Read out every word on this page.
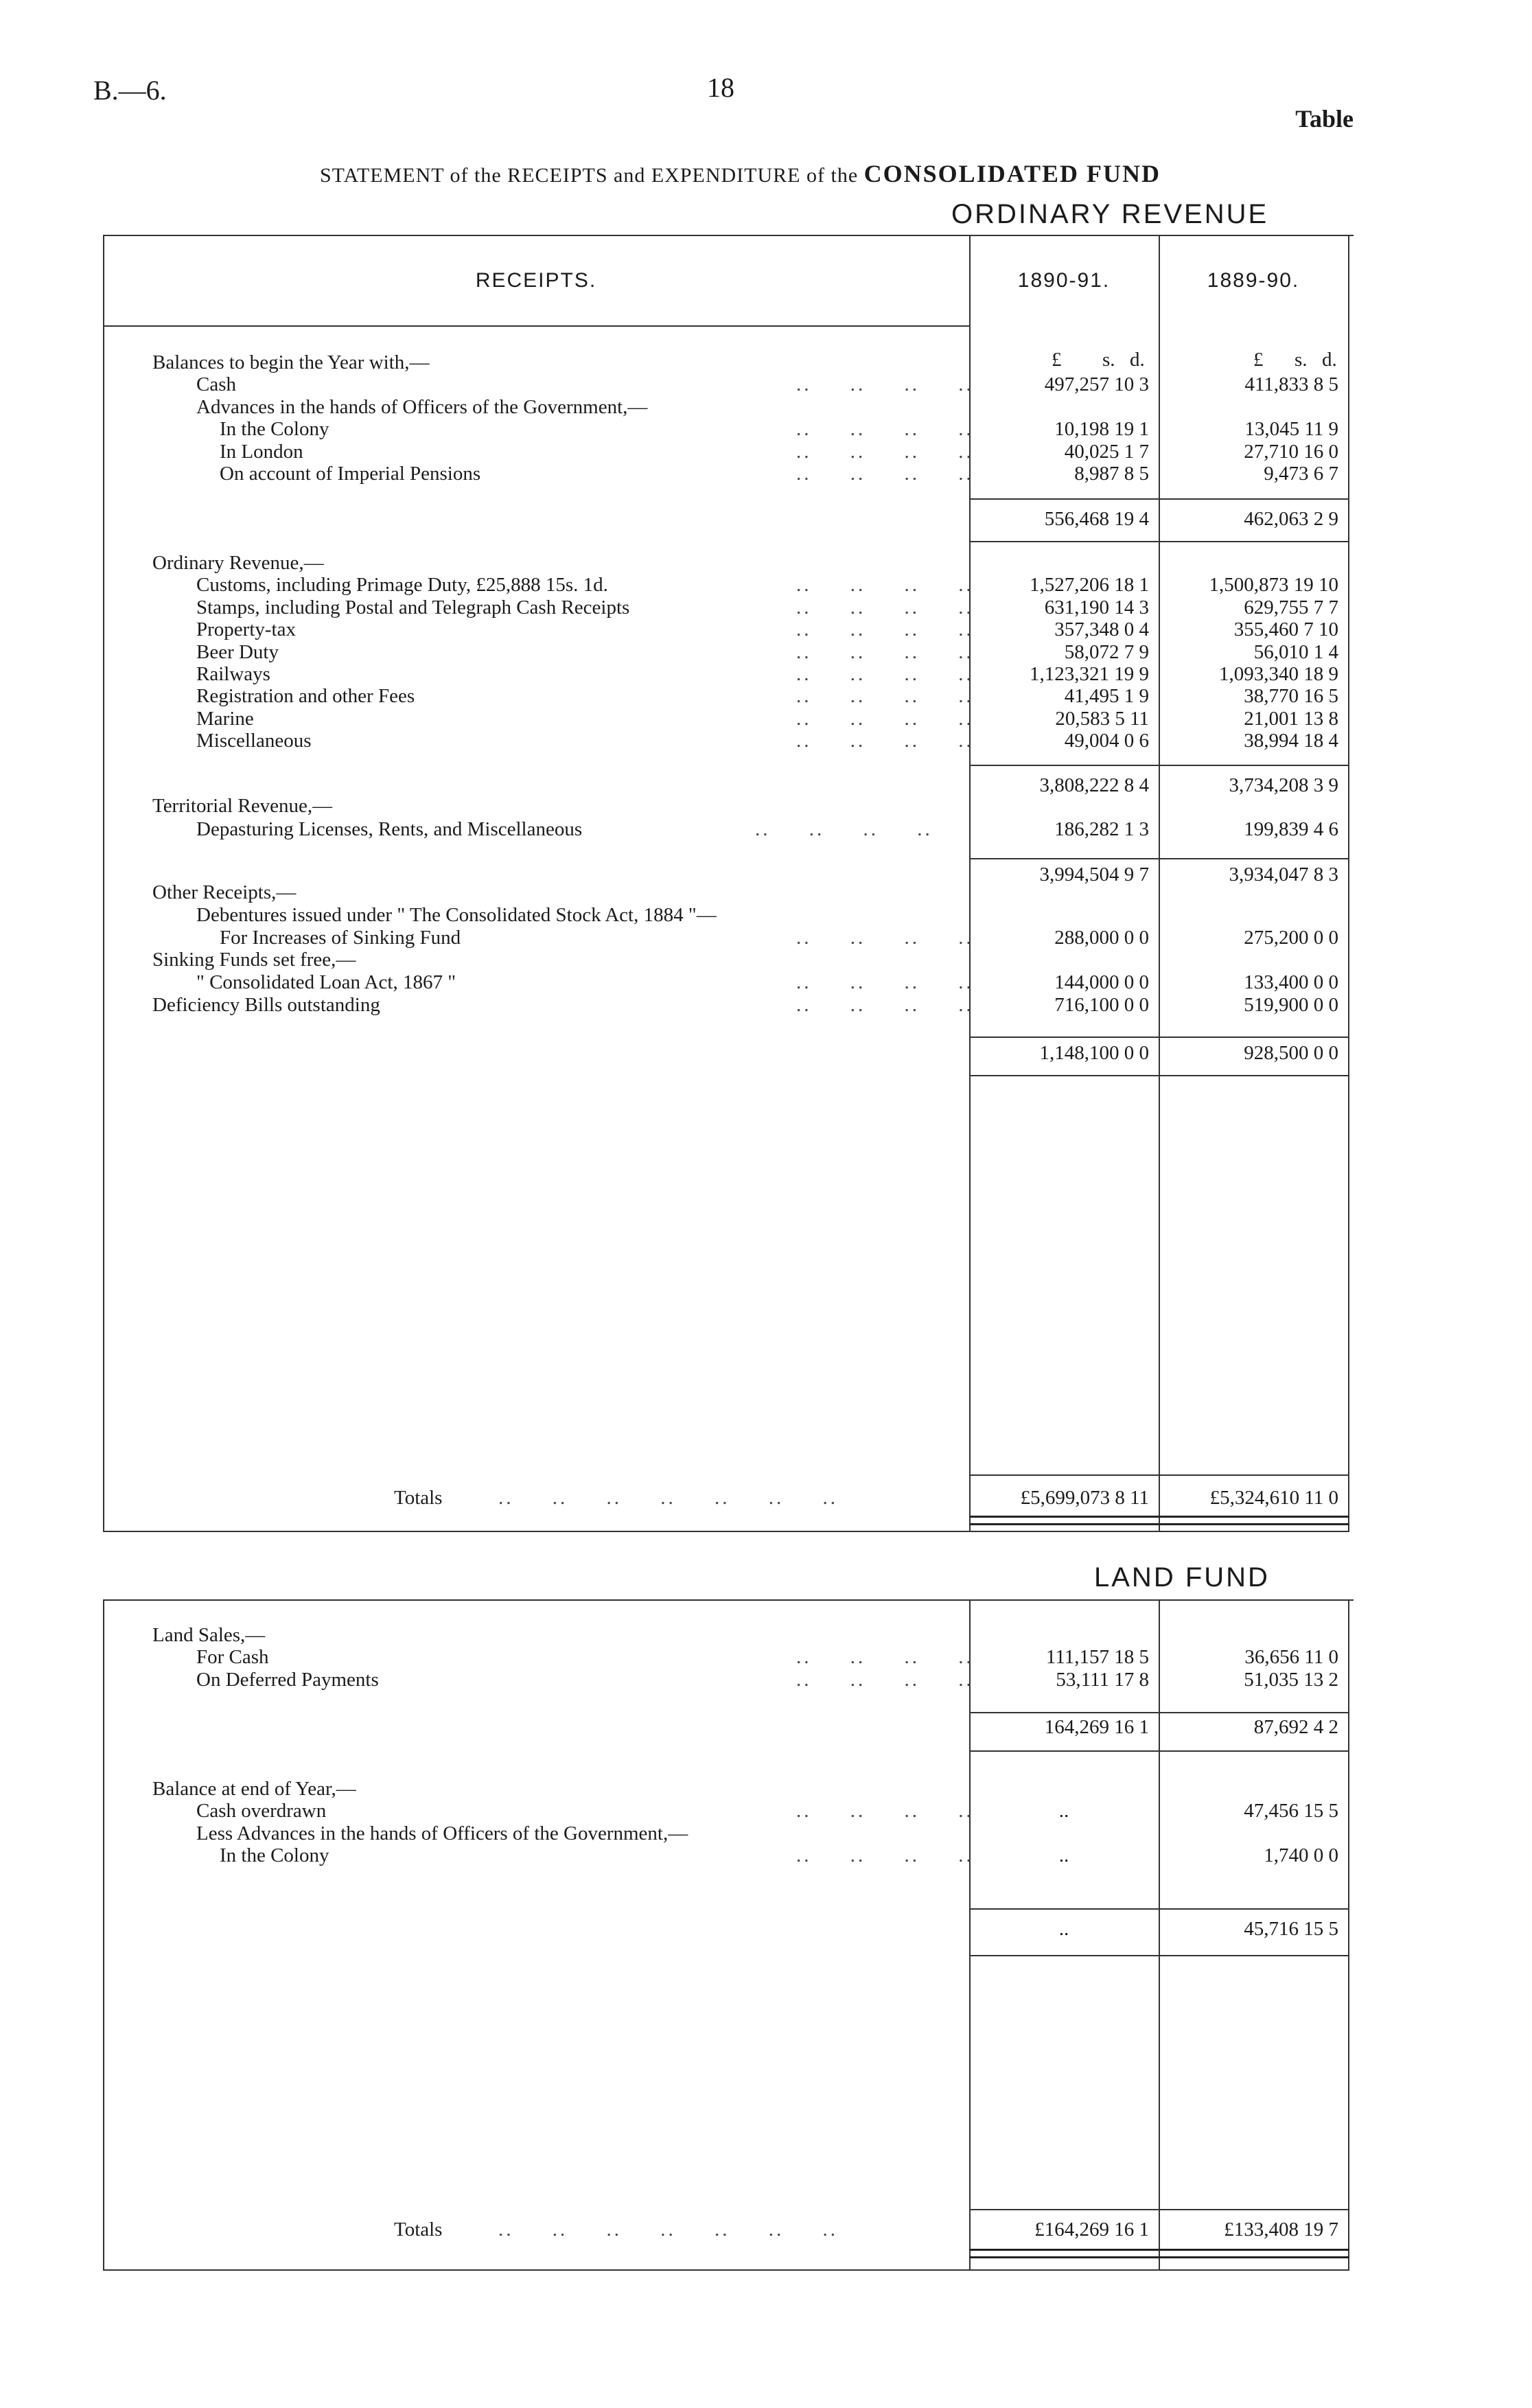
B.—6.	18
Table
STATEMENT of the RECEIPTS and EXPENDITURE of the CONSOLIDATED FUND
ORDINARY REVENUE
RECEIPTS.	1890-91.	1889-90.
£ s. d.	£ s. d.
Balances to begin the Year with,—
Cash	..     ..     ..     ..	497,257 10 3	411,833 8 5
Advances in the hands of Officers of the Government,—
In the Colony	..     ..     ..     ..	10,198 19 1	13,045 11 9
In London	..     ..     ..     ..	40,025 1 7	27,710 16 0
On account of Imperial Pensions	..     ..     ..     ..	8,987 8 5	9,473 6 7
556,468 19 4	462,063 2 9
Ordinary Revenue,—
Customs, including Primage Duty, £25,888 15s. 1d.	..     ..     ..     ..	1,527,206 18 1	1,500,873 19 10
Stamps, including Postal and Telegraph Cash Receipts	..     ..     ..     ..	631,190 14 3	629,755 7 7
Property-tax	..     ..     ..     ..	357,348 0 4	355,460 7 10
Beer Duty	..     ..     ..     ..	58,072 7 9	56,010 1 4
Railways	..     ..     ..     ..	1,123,321 19 9	1,093,340 18 9
Registration and other Fees	..     ..     ..     ..	41,495 1 9	38,770 16 5
Marine	..     ..     ..     ..	20,583 5 11	21,001 13 8
Miscellaneous	..     ..     ..     ..	49,004 0 6	38,994 18 4
3,808,222 8 4	3,734,208 3 9
Territorial Revenue,—
Depasturing Licenses, Rents, and Miscellaneous	..     ..     ..     ..	186,282 1 3	199,839 4 6
3,994,504 9 7	3,934,047 8 3
Other Receipts,—
Debentures issued under " The Consolidated Stock Act, 1884 "—
For Increases of Sinking Fund	..     ..     ..     ..	288,000 0 0	275,200 0 0
Sinking Funds set free,—
" Consolidated Loan Act, 1867 "	..     ..     ..     ..	144,000 0 0	133,400 0 0
Deficiency Bills outstanding	..     ..     ..     ..	716,100 0 0	519,900 0 0
1,148,100 0 0	928,500 0 0
Totals	..     ..     ..     ..     ..     ..     ..	£5,699,073 8 11	£5,324,610 11 0
LAND FUND
Land Sales,—
For Cash	..     ..     ..     ..	111,157 18 5	36,656 11 0
On Deferred Payments	..     ..     ..     ..	53,111 17 8	51,035 13 2
164,269 16 1	87,692 4 2
Balance at end of Year,—
Cash overdrawn	..     ..     ..     ..	..	47,456 15 5
Less Advances in the hands of Officers of the Government,—
In the Colony	..     ..     ..     ..	..	1,740 0 0
..	45,716 15 5
Totals	..     ..     ..     ..     ..     ..     ..	£164,269 16 1	£133,408 19 7
